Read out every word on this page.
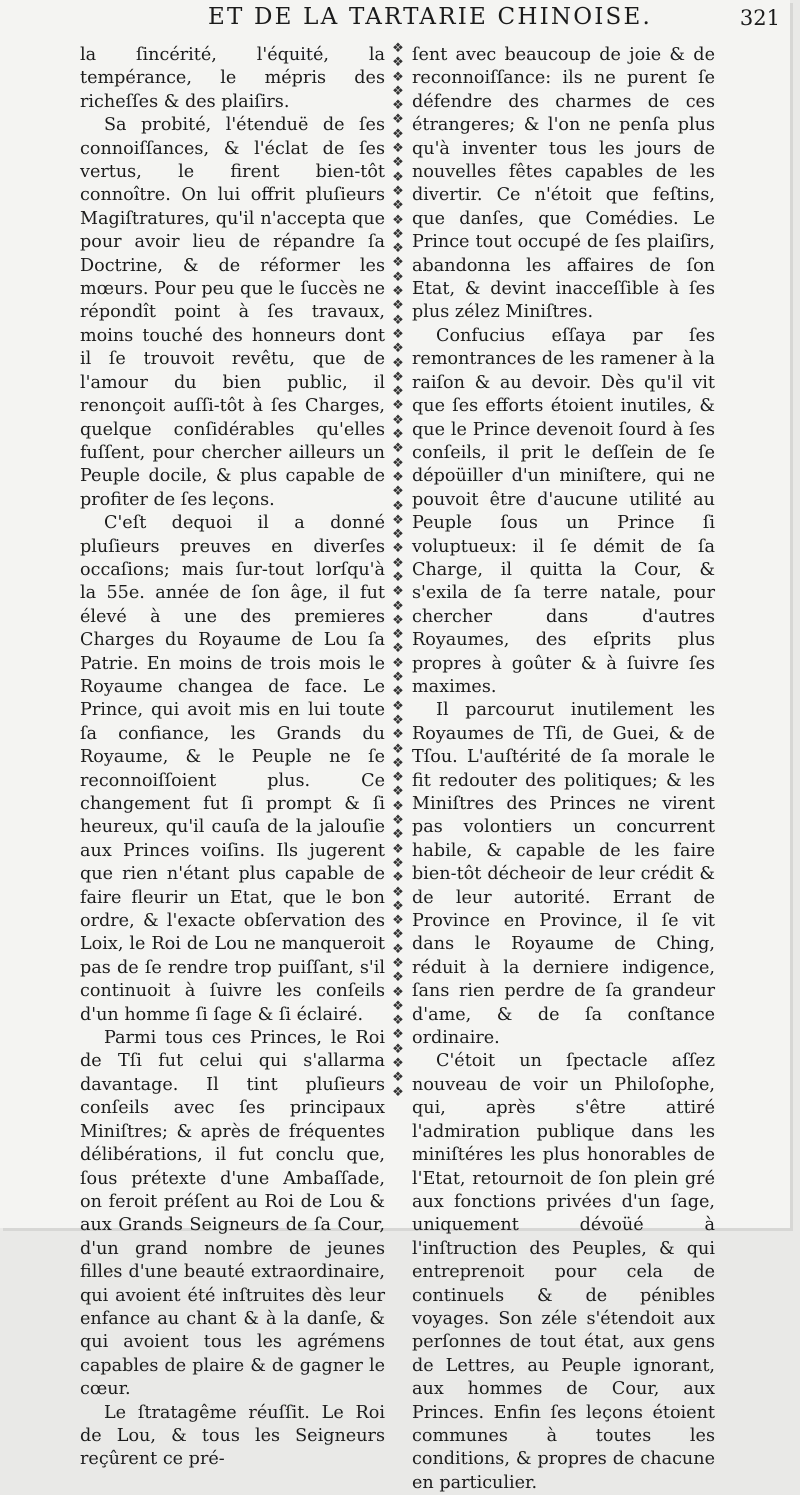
ET DE LA TARTARIE CHINOISE.	321

la ſincérité, l'équité, la tempérance, le mépris des richeſſes & des plaiſirs.

Sa probité, l'étenduë de ſes connoiſſances, & l'éclat de ſes vertus, le firent bien-tôt connoître. On lui offrit pluſieurs Magiſtratures, qu'il n'accepta que pour avoir lieu de répandre ſa Doctrine, & de réformer les mœurs. Pour peu que le ſuccès ne répondît point à ſes travaux, moins touché des honneurs dont il ſe trouvoit revêtu, que de l'amour du bien public, il renonçoit auſſi-tôt à ſes Charges, quelque conſidérables qu'elles fuſſent, pour chercher ailleurs un Peuple docile, & plus capable de profiter de ſes leçons.

C'eſt dequoi il a donné pluſieurs preuves en diverſes occaſions; mais ſur-tout lorſqu'à la 55e. année de ſon âge, il fut élevé à une des premieres Charges du Royaume de Lou ſa Patrie. En moins de trois mois le Royaume changea de face. Le Prince, qui avoit mis en lui toute ſa confiance, les Grands du Royaume, & le Peuple ne ſe reconnoiſſoient plus. Ce changement fut ſi prompt & ſi heureux, qu'il cauſa de la jalouſie aux Princes voiſins. Ils jugerent que rien n'étant plus capable de faire fleurir un Etat, que le bon ordre, & l'exacte obſervation des Loix, le Roi de Lou ne manqueroit pas de ſe rendre trop puiſſant, s'il continuoit à ſuivre les conſeils d'un homme ſi ſage & ſi éclairé.

Parmi tous ces Princes, le Roi de Tſi fut celui qui s'allarma davantage. Il tint pluſieurs conſeils avec ſes principaux Miniſtres; & après de fréquentes délibérations, il fut conclu que, ſous prétexte d'une Ambaſſade, on feroit préſent au Roi de Lou & aux Grands Seigneurs de ſa Cour, d'un grand nombre de jeunes filles d'une beauté extraordinaire, qui avoient été inſtruites dès leur enfance au chant & à la danſe, & qui avoient tous les agrémens capables de plaire & de gagner le cœur.

Le ſtratagême réuſſit. Le Roi de Lou, & tous les Seigneurs reçûrent ce pré-

❖
❖
❖
❖
❖
❖
❖
❖
❖
❖
❖
❖
❖
❖
❖
❖
❖
❖
❖
❖
❖
❖
❖
❖
❖
❖
❖
❖
❖
❖
❖
❖
❖
❖
❖
❖
❖
❖
❖
❖
❖
❖
❖
❖
❖
❖
❖
❖
❖
❖
❖
❖
❖
❖
❖
❖
❖
❖
❖
❖
❖
❖
❖
❖
❖
❖
❖
❖
❖
❖
❖
❖
❖
❖

ſent avec beaucoup de joie & de reconnoiſſance: ils ne purent ſe défendre des charmes de ces étrangeres; & l'on ne penſa plus qu'à inventer tous les jours de nouvelles fêtes capables de les divertir. Ce n'étoit que feſtins, que danſes, que Comédies. Le Prince tout occupé de ſes plaiſirs, abandonna les affaires de ſon Etat, & devint inacceſſible à ſes plus zélez Miniſtres.

Confucius eſſaya par ſes remontrances de les ramener à la raiſon & au devoir. Dès qu'il vit que ſes efforts étoient inutiles, & que le Prince devenoit ſourd à ſes conſeils, il prit le deſſein de ſe dépoüiller d'un miniſtere, qui ne pouvoit être d'aucune utilité au Peuple ſous un Prince ſi voluptueux: il ſe démit de ſa Charge, il quitta la Cour, & s'exila de ſa terre natale, pour chercher dans d'autres Royaumes, des eſprits plus propres à goûter & à ſuivre ſes maximes.

Il parcourut inutilement les Royaumes de Tſi, de Guei, & de Tſou. L'auſtérité de ſa morale le fit redouter des politiques; & les Miniſtres des Princes ne virent pas volontiers un concurrent habile, & capable de les faire bien-tôt décheoir de leur crédit & de leur autorité. Errant de Province en Province, il ſe vit dans le Royaume de Ching, réduit à la derniere indigence, ſans rien perdre de ſa grandeur d'ame, & de ſa conſtance ordinaire.

C'étoit un ſpectacle aſſez nouveau de voir un Philoſophe, qui, après s'être attiré l'admiration publique dans les miniſtéres les plus honorables de l'Etat, retournoit de ſon plein gré aux fonctions privées d'un ſage, uniquement dévoüé à l'inſtruction des Peuples, & qui entreprenoit pour cela de continuels & de pénibles voyages. Son zéle s'étendoit aux perſonnes de tout état, aux gens de Lettres, au Peuple ignorant, aux hommes de Cour, aux Princes. Enfin ſes leçons étoient communes à toutes les conditions, & propres de chacune en particulier.
